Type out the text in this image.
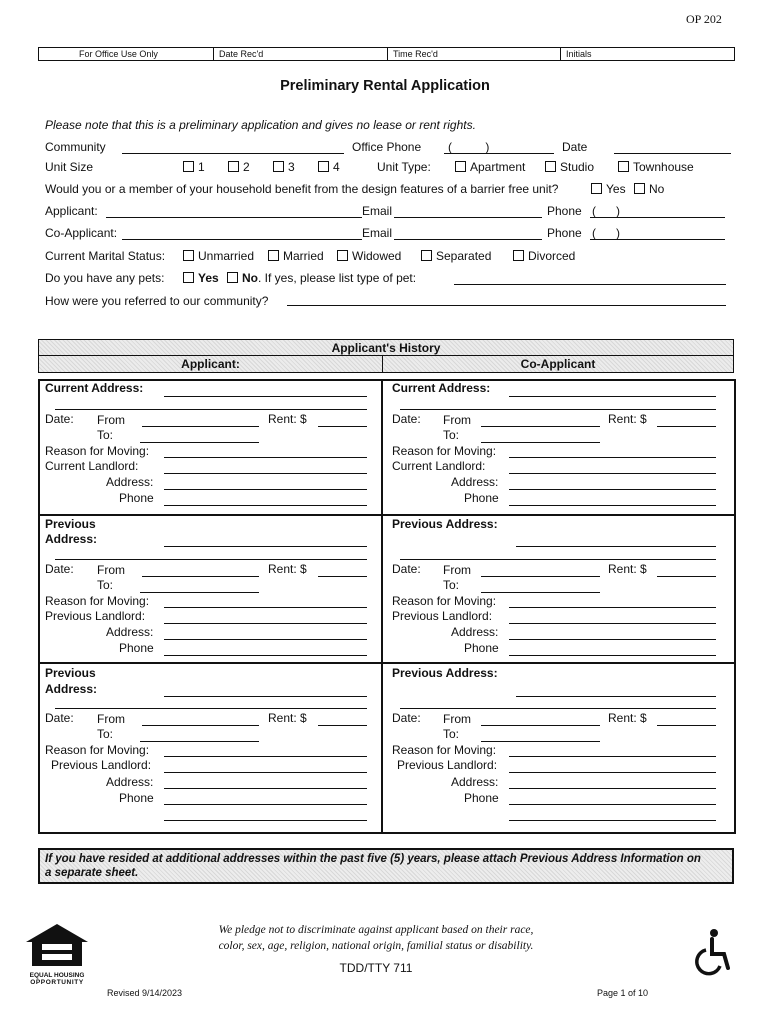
OP 202
For Office Use Only	Date Rec'd	Time Rec'd	Initials
Preliminary Rental Application
Please note that this is a preliminary application and gives no lease or rent rights.
Community	Office Phone (          )	Date
Unit Size	1	2	3	4	Unit Type:	Apartment	Studio	Townhouse
Would you or a member of your household benefit from the design features of a barrier free unit?	Yes	No
Applicant:	Email	Phone (      )
Co-Applicant:	Email	Phone (      )
Current Marital Status:	Unmarried	Married	Widowed	Separated	Divorced
Do you have any pets:	Yes	No. If yes, please list type of pet:
How were you referred to our community?
Applicant's History
Applicant:	Co-Applicant
Current Address:
Date: From	Rent: $
To:
Reason for Moving:
Current Landlord:
Address:
Phone
Current Address:
Date: From	Rent: $
To:
Reason for Moving:
Current Landlord:
Address:
Phone
Previous
Address:
Date: From	Rent: $
To:
Reason for Moving:
Previous Landlord:
Address:
Phone
Previous Address:
Date: From	Rent: $
To:
Reason for Moving:
Previous Landlord:
Address:
Phone
Previous
Address:
Date: From	Rent: $
To:
Reason for Moving:
Previous Landlord:
Address:
Phone
Previous Address:
Date: From	Rent: $
To:
Reason for Moving:
Previous Landlord:
Address:
Phone
If you have resided at additional addresses within the past five (5) years, please attach Previous Address Information on a separate sheet.
EQUAL HOUSING
OPPORTUNITY
We pledge not to discriminate against applicant based on their race,
color, sex, age, religion, national origin, familial status or disability.
TDD/TTY 711
Revised 9/14/2023	Page 1 of 10
